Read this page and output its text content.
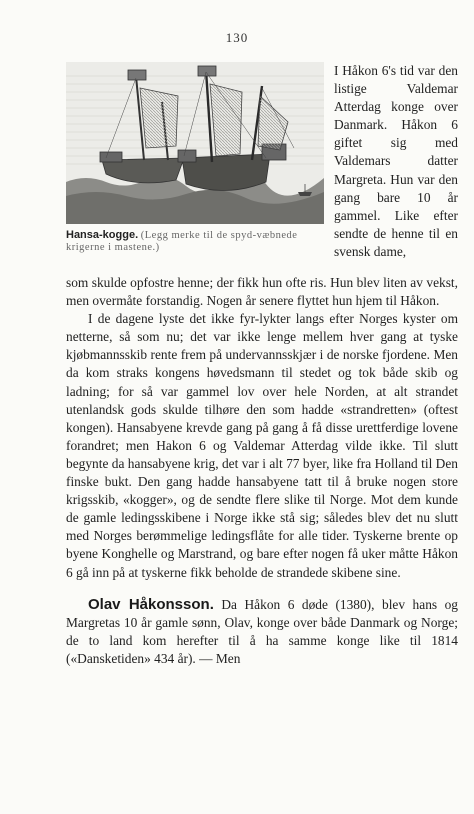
130
Hansa-kogge. (Legg merke til de spyd-væbnede krigerne i mastene.)
I Håkon 6's tid var den listige Valdemar Atterdag konge over Danmark. Håkon 6 giftet sig med Valdemars datter Margreta. Hun var den gang bare 10 år gammel. Like efter sendte de henne til en svensk dame,

som skulde opfostre henne; der fikk hun ofte ris. Hun blev liten av vekst, men overmåte forstandig. Nogen år senere flyttet hun hjem til Håkon.

I de dagene lyste det ikke fyr-lykter langs efter Norges kyster om netterne, så som nu; det var ikke lenge mellem hver gang at tyske kjøbmannsskib rente frem på undervannsskjær i de norske fjordene. Men da kom straks kongens høvedsmann til stedet og tok både skib og ladning; for så var gammel lov over hele Norden, at alt strandet utenlandsk gods skulde tilhøre den som hadde «strandretten» (oftest kongen). Hansabyene krevde gang på gang å få disse urettferdige lovene forandret; men Hakon 6 og Valdemar Atterdag vilde ikke. Til slutt begynte da hansabyene krig, det var i alt 77 byer, like fra Holland til Den finske bukt. Den gang hadde hansabyene tatt til å bruke nogen store krigsskib, «kogger», og de sendte flere slike til Norge. Mot dem kunde de gamle ledingsskibene i Norge ikke stå sig; således blev det nu slutt med Norges berømmelige ledingsflåte for alle tider. Tyskerne brente op byene Konghelle og Marstrand, og bare efter nogen få uker måtte Håkon 6 gå inn på at tyskerne fikk beholde de strandede skibene sine.

Olav Håkonsson. Da Håkon 6 døde (1380), blev hans og Margretas 10 år gamle sønn, Olav, konge over både Danmark og Norge; de to land kom herefter til å ha samme konge like til 1814 («Dansketiden» 434 år). — Men
